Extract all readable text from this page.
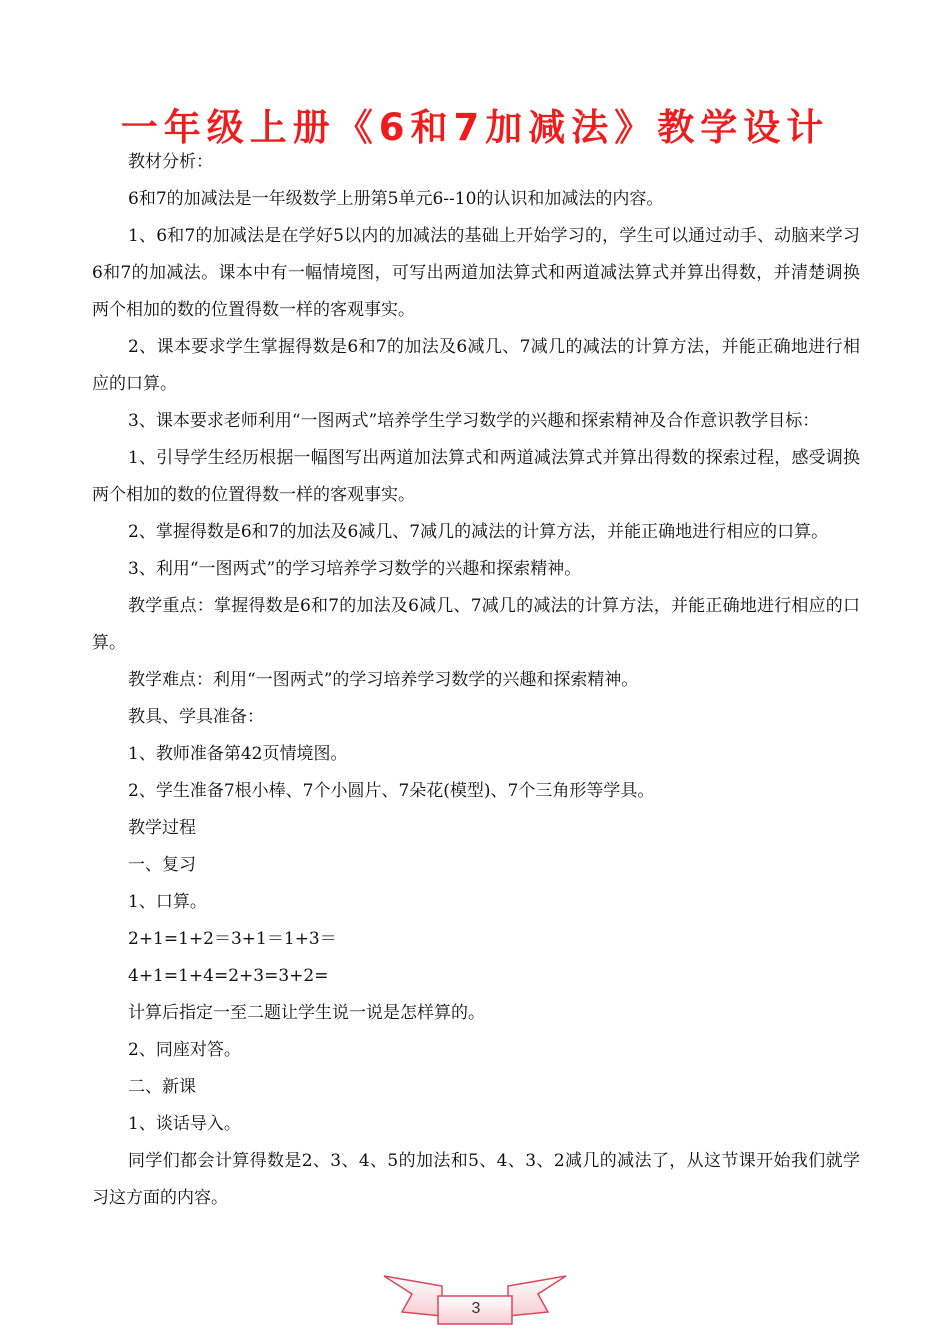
一年级上册《6和7加减法》教学设计

教材分析：

6和7的加减法是一年级数学上册第5单元6--10的认识和加减法的内容。

1、6和7的加减法是在学好5以内的加减法的基础上开始学习的，学生可以通过动手、动脑来学习6和7的加减法。课本中有一幅情境图，可写出两道加法算式和两道减法算式并算出得数，并清楚调换两个相加的数的位置得数一样的客观事实。

2、课本要求学生掌握得数是6和7的加法及6减几、7减几的减法的计算方法，并能正确地进行相应的口算。

3、课本要求老师利用“一图两式”培养学生学习数学的兴趣和探索精神及合作意识教学目标：

1、引导学生经历根据一幅图写出两道加法算式和两道减法算式并算出得数的探索过程，感受调换两个相加的数的位置得数一样的客观事实。

2、掌握得数是6和7的加法及6减几、7减几的减法的计算方法，并能正确地进行相应的口算。

3、利用“一图两式”的学习培养学习数学的兴趣和探索精神。

教学重点：掌握得数是6和7的加法及6减几、7减几的减法的计算方法，并能正确地进行相应的口算。

教学难点：利用“一图两式”的学习培养学习数学的兴趣和探索精神。

教具、学具准备：

1、教师准备第42页情境图。

2、学生准备7根小棒、7个小圆片、7朵花(模型)、7个三角形等学具。

教学过程

一、复习

1、口算。

2+1=1+2＝3+1＝1+3＝

4+1=1+4=2+3=3+2=

计算后指定一至二题让学生说一说是怎样算的。

2、同座对答。

二、新课

1、谈话导入。

同学们都会计算得数是2、3、4、5的加法和5、4、3、2减几的减法了，从这节课开始我们就学习这方面的内容。

3
